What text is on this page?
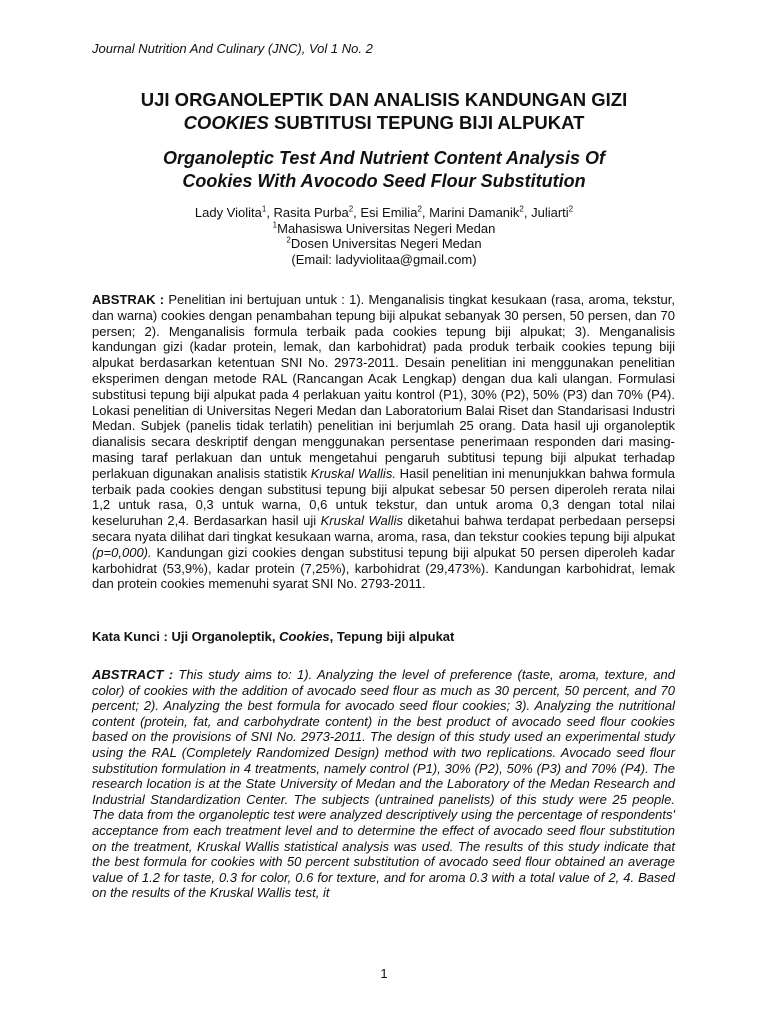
Journal Nutrition And Culinary (JNC), Vol 1 No. 2
UJI ORGANOLEPTIK DAN ANALISIS KANDUNGAN GIZI
COOKIES SUBTITUSI TEPUNG BIJI ALPUKAT
Organoleptic Test And Nutrient Content Analysis Of
Cookies With Avocodo Seed Flour Substitution
Lady Violita$^1$, Rasita Purba$^2$, Esi Emilia$^2$, Marini Damanik$^2$, Juliarti$^2$
$^1$Mahasiswa Universitas Negeri Medan
$^2$Dosen Universitas Negeri Medan
(Email: ladyviolitaa@gmail.com)
ABSTRAK : Penelitian ini bertujuan untuk : 1). Menganalisis tingkat kesukaan (rasa, aroma, tekstur, dan warna) cookies dengan penambahan tepung biji alpukat sebanyak 30 persen, 50 persen, dan 70 persen; 2). Menganalisis formula terbaik pada cookies tepung biji alpukat; 3). Menganalisis kandungan gizi (kadar protein, lemak, dan karbohidrat) pada produk terbaik cookies tepung biji alpukat berdasarkan ketentuan SNI No. 2973-2011. Desain penelitian ini menggunakan penelitian eksperimen dengan metode RAL (Rancangan Acak Lengkap) dengan dua kali ulangan. Formulasi substitusi tepung biji alpukat pada 4 perlakuan yaitu kontrol (P1), 30% (P2), 50% (P3) dan 70% (P4). Lokasi penelitian di Universitas Negeri Medan dan Laboratorium Balai Riset dan Standarisasi Industri Medan. Subjek (panelis tidak terlatih) penelitian ini berjumlah 25 orang. Data hasil uji organoleptik dianalisis secara deskriptif dengan menggunakan persentase penerimaan responden dari masing-masing taraf perlakuan dan untuk mengetahui pengaruh subtitusi tepung biji alpukat terhadap perlakuan digunakan analisis statistik Kruskal Wallis. Hasil penelitian ini menunjukkan bahwa formula terbaik pada cookies dengan substitusi tepung biji alpukat sebesar 50 persen diperoleh rerata nilai 1,2 untuk rasa, 0,3 untuk warna, 0,6 untuk tekstur, dan untuk aroma 0,3 dengan total nilai keseluruhan 2,4. Berdasarkan hasil uji Kruskal Wallis diketahui bahwa terdapat perbedaan persepsi secara nyata dilihat dari tingkat kesukaan warna, aroma, rasa, dan tekstur cookies tepung biji alpukat (p=0,000). Kandungan gizi cookies dengan substitusi tepung biji alpukat 50 persen diperoleh kadar karbohidrat (53,9%), kadar protein (7,25%), karbohidrat (29,473%). Kandungan karbohidrat, lemak dan protein cookies memenuhi syarat SNI No. 2793-2011.
Kata Kunci : Uji Organoleptik, Cookies, Tepung biji alpukat
ABSTRACT : This study aims to: 1). Analyzing the level of preference (taste, aroma, texture, and color) of cookies with the addition of avocado seed flour as much as 30 percent, 50 percent, and 70 percent; 2). Analyzing the best formula for avocado seed flour cookies; 3). Analyzing the nutritional content (protein, fat, and carbohydrate content) in the best product of avocado seed flour cookies based on the provisions of SNI No. 2973-2011. The design of this study used an experimental study using the RAL (Completely Randomized Design) method with two replications. Avocado seed flour substitution formulation in 4 treatments, namely control (P1), 30% (P2), 50% (P3) and 70% (P4). The research location is at the State University of Medan and the Laboratory of the Medan Research and Industrial Standardization Center. The subjects (untrained panelists) of this study were 25 people. The data from the organoleptic test were analyzed descriptively using the percentage of respondents' acceptance from each treatment level and to determine the effect of avocado seed flour substitution on the treatment, Kruskal Wallis statistical analysis was used. The results of this study indicate that the best formula for cookies with 50 percent substitution of avocado seed flour obtained an average value of 1.2 for taste, 0.3 for color, 0.6 for texture, and for aroma 0.3 with a total value of 2, 4. Based on the results of the Kruskal Wallis test, it
1
